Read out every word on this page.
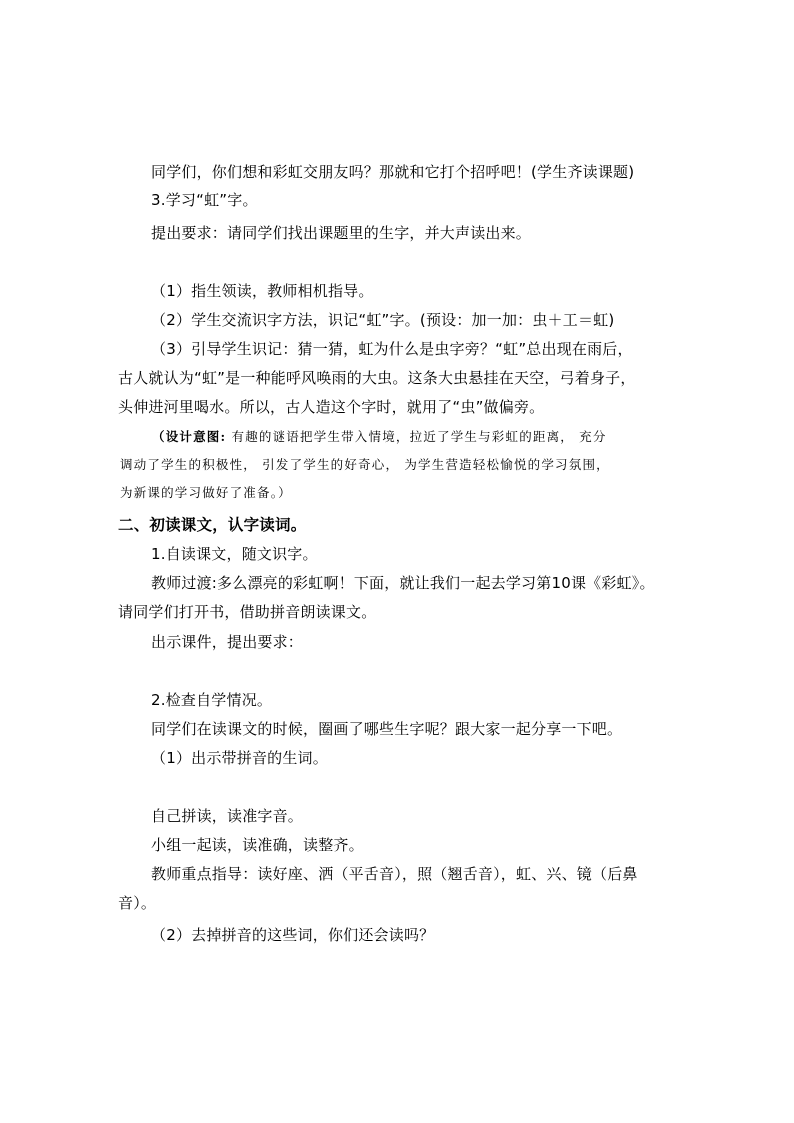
同学们，你们想和彩虹交朋友吗？那就和它打个招呼吧！(学生齐读课题)
3.学习“虹”字。
提出要求：请同学们找出课题里的生字，并大声读出来。
（1）指生领读，教师相机指导。
（2）学生交流识字方法，识记“虹”字。(预设：加一加：虫＋工＝虹)
（3）引导学生识记：猜一猜，虹为什么是虫字旁？“虹”总出现在雨后，
古人就认为“虹”是一种能呼风唤雨的大虫。这条大虫悬挂在天空，弓着身子，
头伸进河里喝水。所以，古人造这个字时，就用了“虫”做偏旁。
（设计意图: 有趣的谜语把学生带入情境，拉近了学生与彩虹的距离， 充分
调动了学生的积极性， 引发了学生的好奇心， 为学生营造轻松愉悦的学习氛围，
为新课的学习做好了准备。）
二、初读课文，认字读词。
1.自读课文，随文识字。
教师过渡:多么漂亮的彩虹啊！下面，就让我们一起去学习第10课《彩虹》。
请同学们打开书，借助拼音朗读课文。
出示课件，提出要求：
2.检查自学情况。
同学们在读课文的时候，圈画了哪些生字呢？跟大家一起分享一下吧。
（1）出示带拼音的生词。
自己拼读，读准字音。
小组一起读，读准确，读整齐。
教师重点指导：读好座、洒（平舌音），照（翘舌音），虹、兴、镜（后鼻
音）。
（2）去掉拼音的这些词，你们还会读吗？
